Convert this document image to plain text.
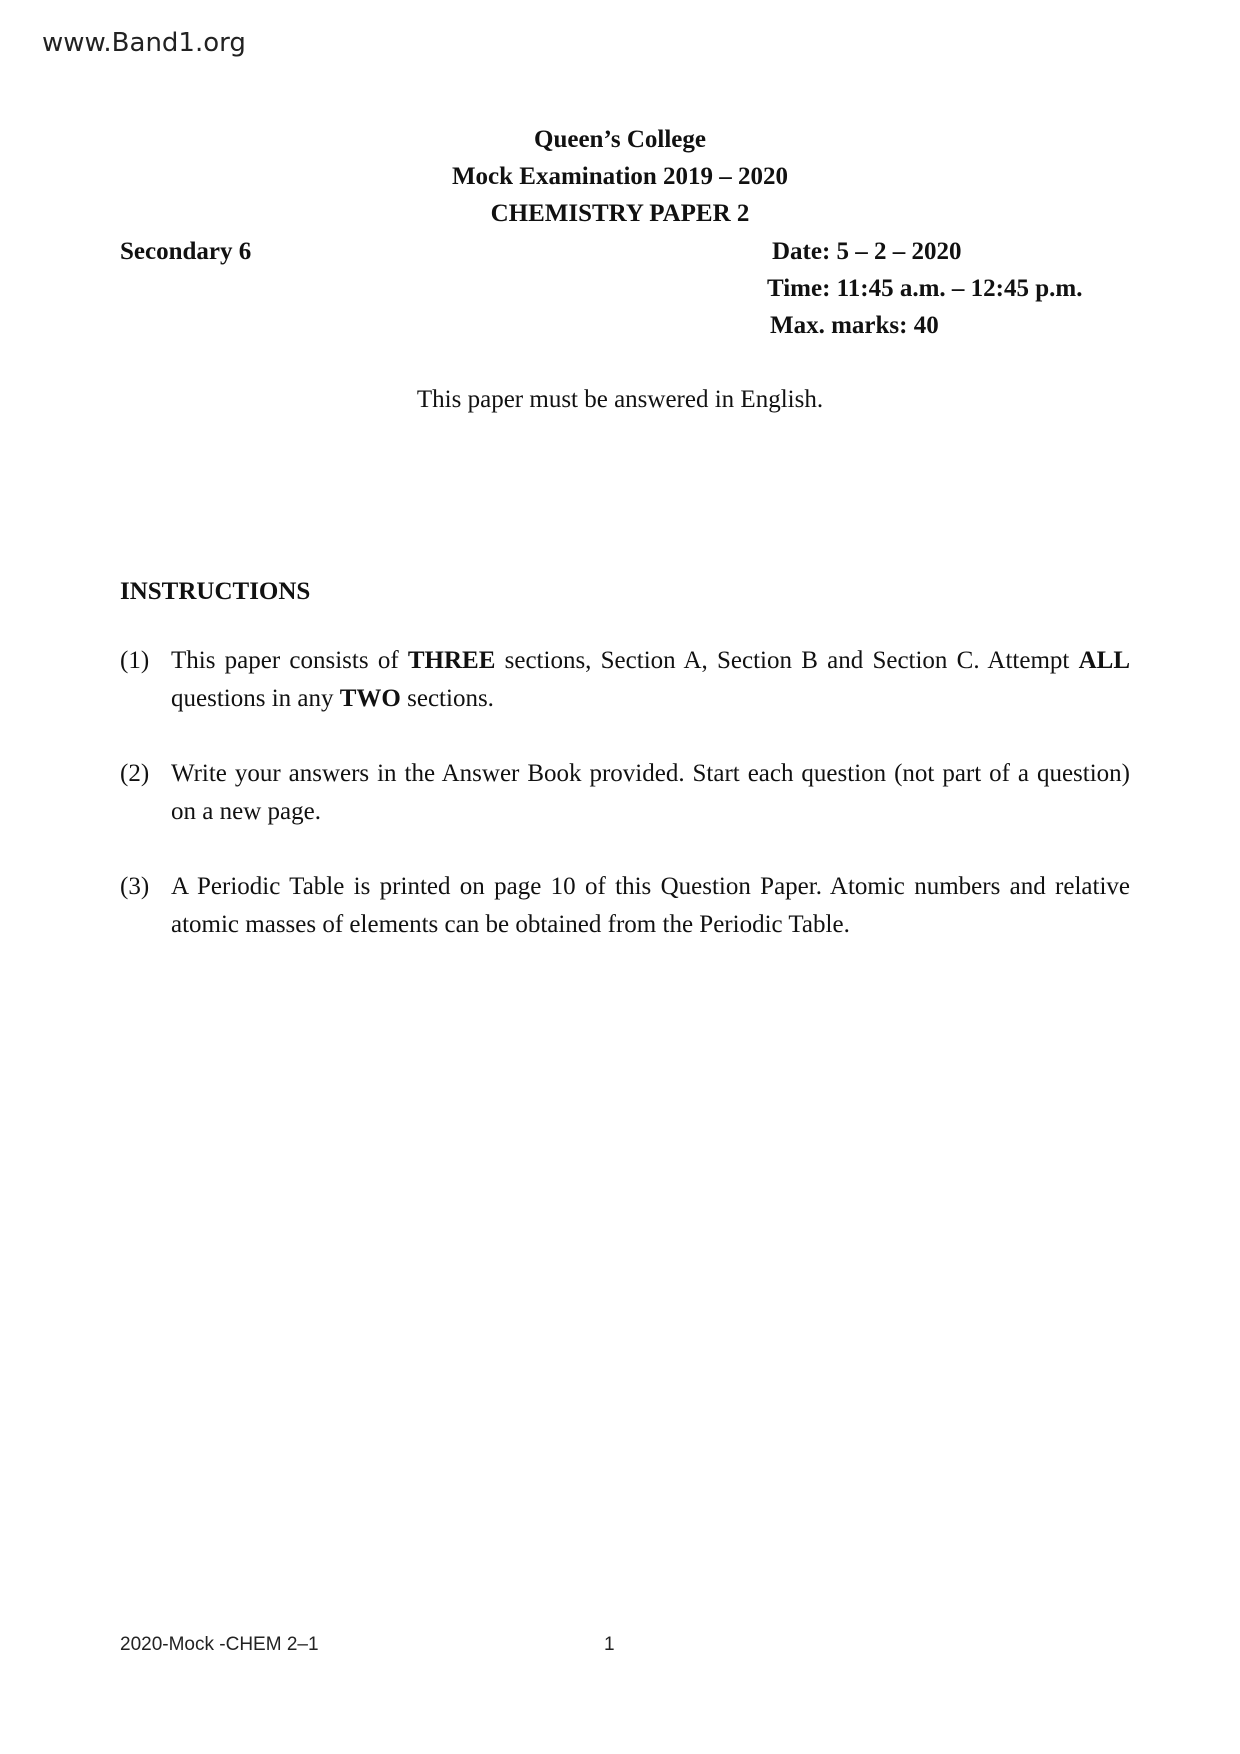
www.Band1.org
Queen’s College
Mock Examination 2019 – 2020
CHEMISTRY PAPER 2
Secondary 6	Date: 5 – 2 – 2020
Time: 11:45 a.m. – 12:45 p.m.
Max. marks: 40
This paper must be answered in English.
INSTRUCTIONS
(1) This paper consists of THREE sections, Section A, Section B and Section C. Attempt ALL questions in any TWO sections.
(2) Write your answers in the Answer Book provided. Start each question (not part of a question) on a new page.
(3) A Periodic Table is printed on page 10 of this Question Paper. Atomic numbers and relative atomic masses of elements can be obtained from the Periodic Table.
2020-Mock -CHEM 2–1	1
